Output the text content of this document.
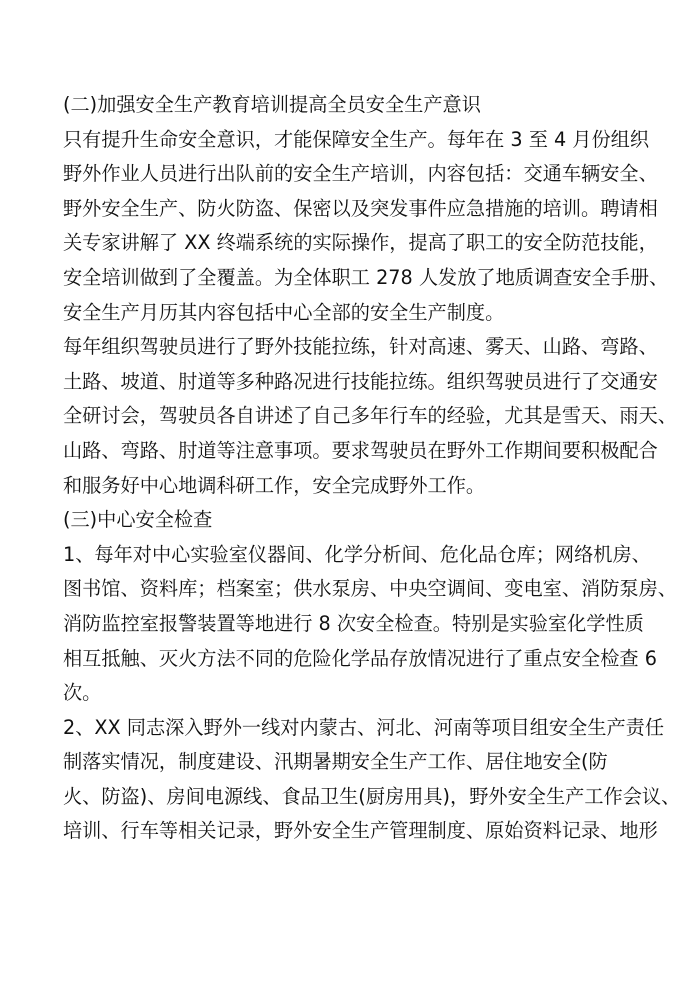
(二)加强安全生产教育培训提高全员安全生产意识
只有提升生命安全意识，才能保障安全生产。每年在 3 至 4 月份组织
野外作业人员进行出队前的安全生产培训，内容包括：交通车辆安全、
野外安全生产、防火防盗、保密以及突发事件应急措施的培训。聘请相
关专家讲解了 XX 终端系统的实际操作，提高了职工的安全防范技能，
安全培训做到了全覆盖。为全体职工 278 人发放了地质调查安全手册、
安全生产月历其内容包括中心全部的安全生产制度。
每年组织驾驶员进行了野外技能拉练，针对高速、雾天、山路、弯路、
土路、坡道、肘道等多种路况进行技能拉练。组织驾驶员进行了交通安
全研讨会，驾驶员各自讲述了自己多年行车的经验，尤其是雪天、雨天、
山路、弯路、肘道等注意事项。要求驾驶员在野外工作期间要积极配合
和服务好中心地调科研工作，安全完成野外工作。
(三)中心安全检查
1、每年对中心实验室仪器间、化学分析间、危化品仓库；网络机房、
图书馆、资料库；档案室；供水泵房、中央空调间、变电室、消防泵房、
消防监控室报警装置等地进行 8 次安全检查。特别是实验室化学性质
相互抵触、灭火方法不同的危险化学品存放情况进行了重点安全检查 6
次。
2、XX 同志深入野外一线对内蒙古、河北、河南等项目组安全生产责任
制落实情况，制度建设、汛期暑期安全生产工作、居住地安全(防
火、防盗)、房间电源线、食品卫生(厨房用具)，野外安全生产工作会议、
培训、行车等相关记录，野外安全生产管理制度、原始资料记录、地形
